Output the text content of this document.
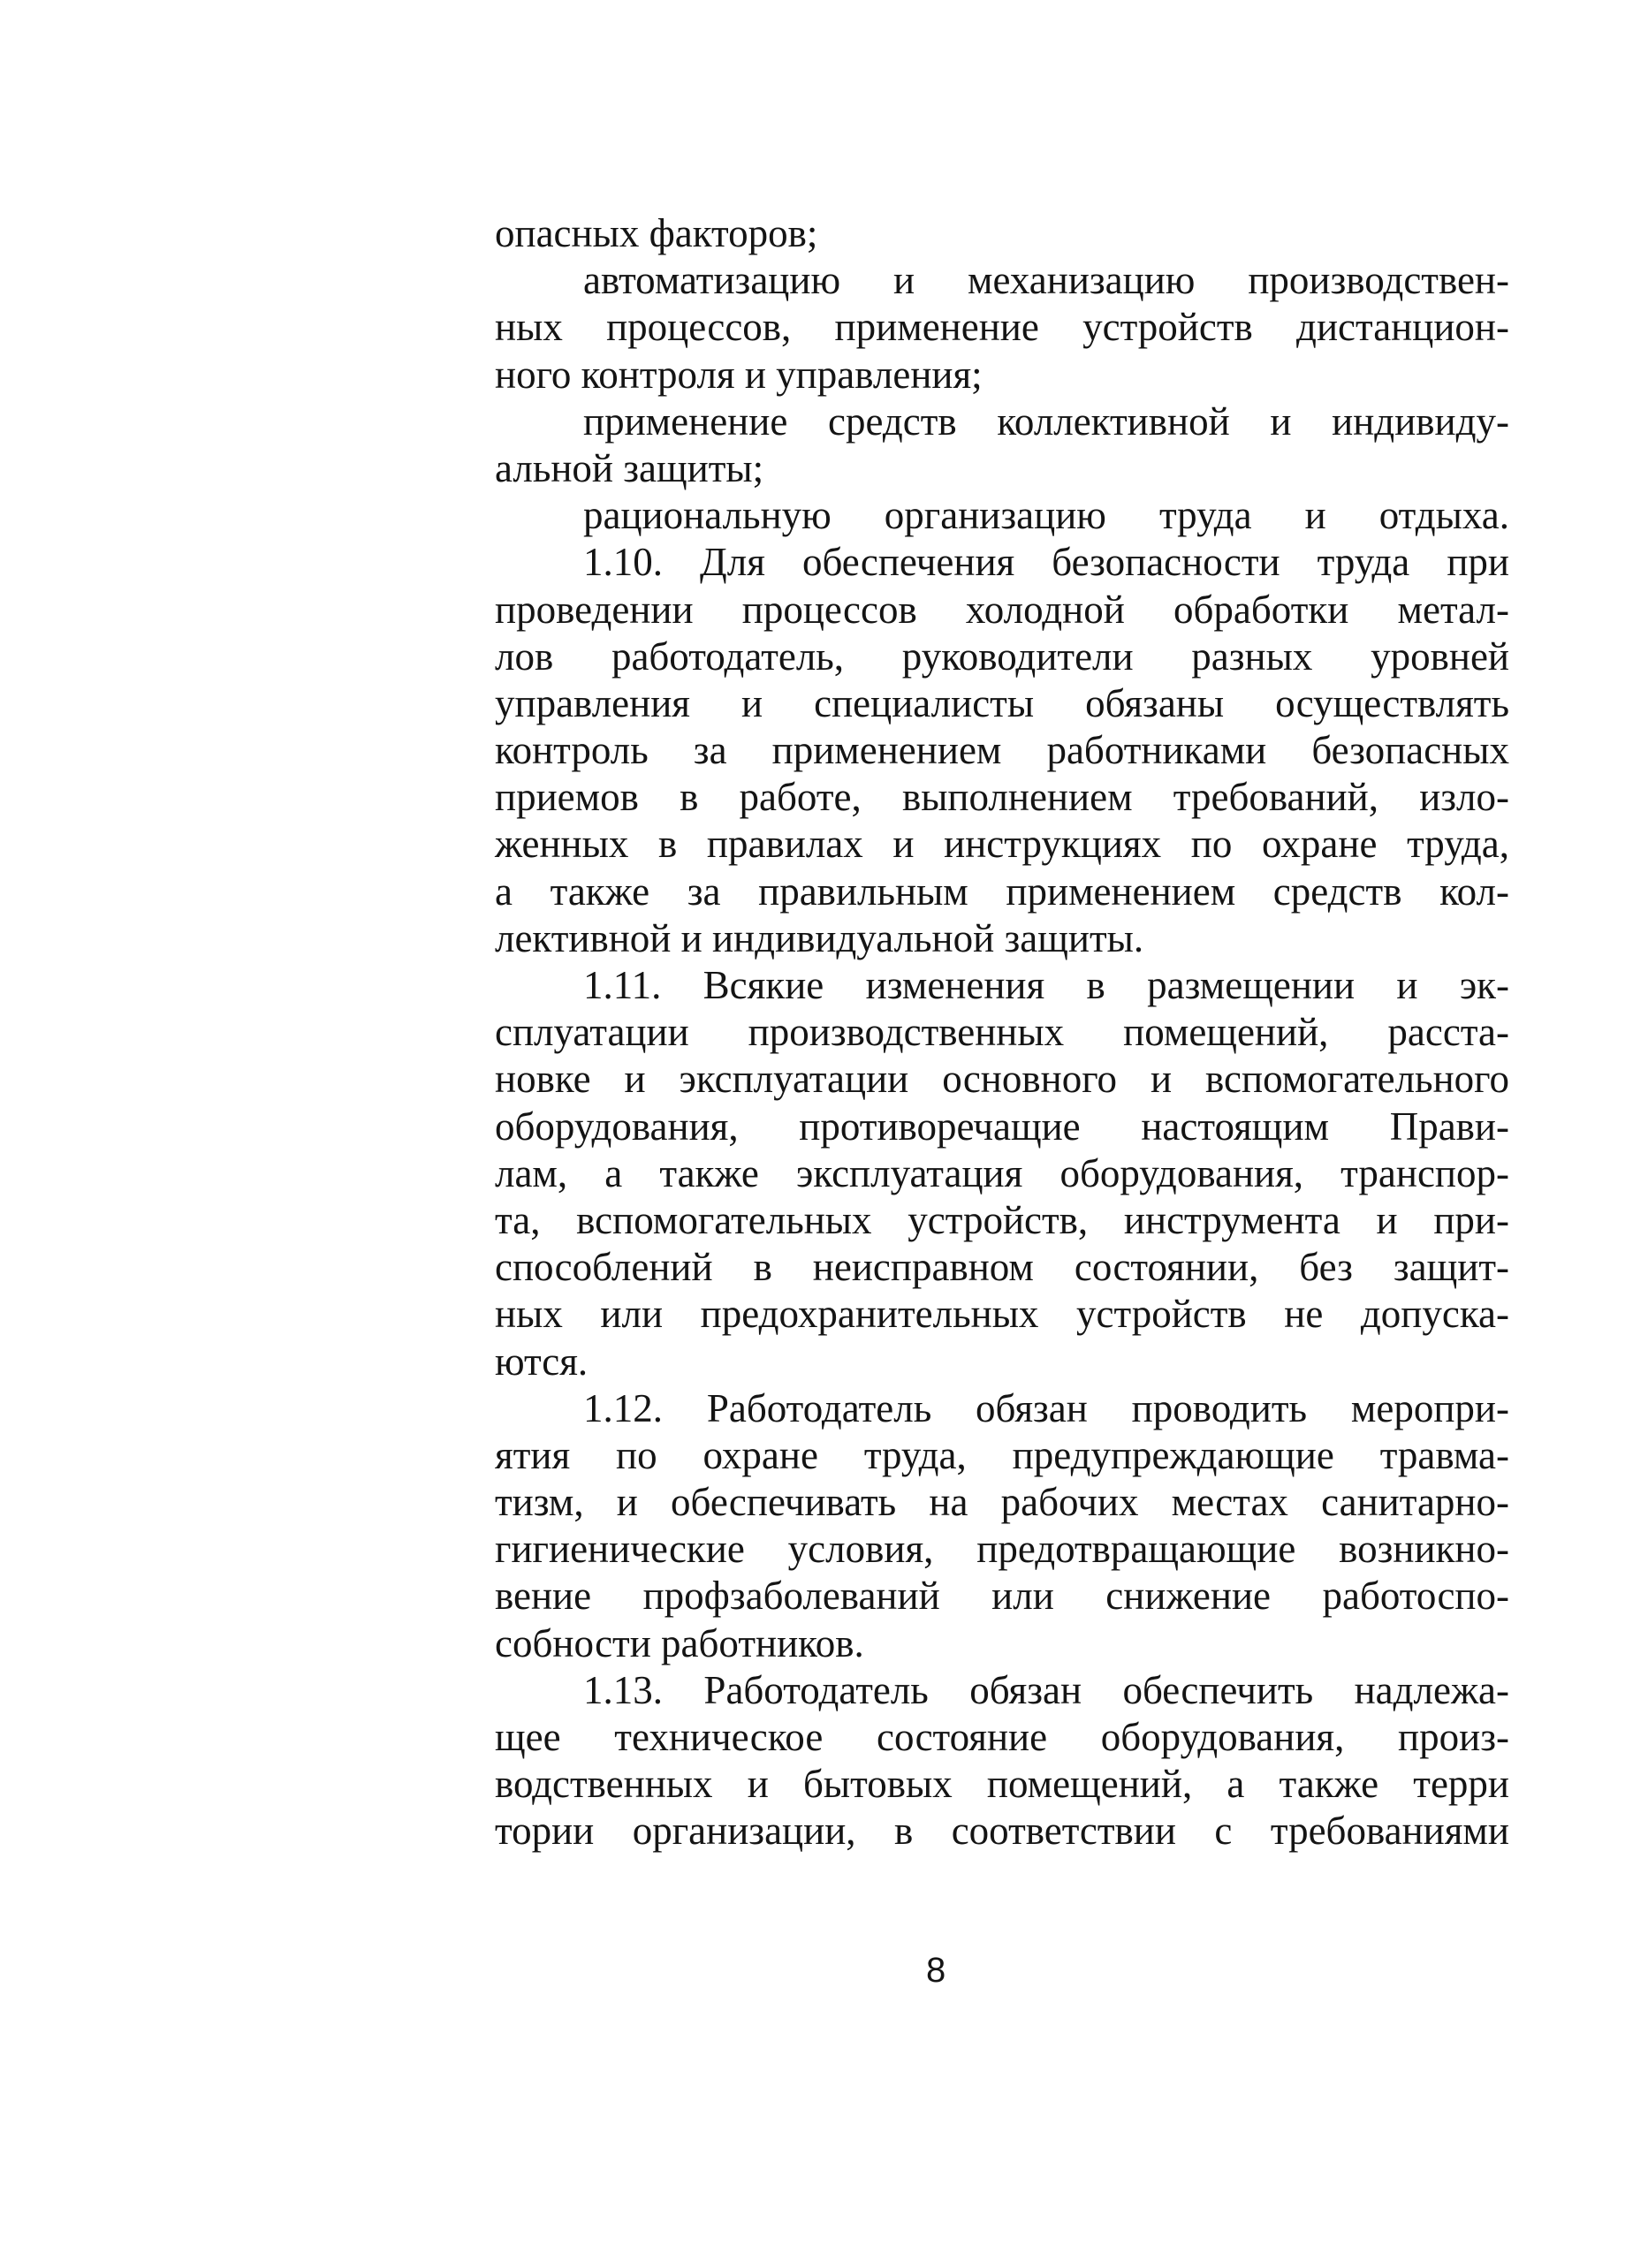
опасных факторов;
автоматизацию и механизацию производствен-
ных процессов, применение устройств дистанцион-
ного контроля и управления;
применение средств коллективной и индивиду-
альной защиты;
рациональную организацию труда и отдыха.
1.10. Для обеспечения безопасности труда при
проведении процессов холодной обработки метал-
лов работодатель, руководители разных уровней
управления и специалисты обязаны осуществлять
контроль за применением работниками безопасных
приемов в работе, выполнением требований, изло-
женных в правилах и инструкциях по охране труда,
а также за правильным применением средств кол-
лективной и индивидуальной защиты.
1.11. Всякие изменения в размещении и эк-
сплуатации производственных помещений, расста-
новке и эксплуатации основного и вспомогательного
оборудования, противоречащие настоящим Прави-
лам, а также эксплуатация оборудования, транспор-
та, вспомогательных устройств, инструмента и при-
способлений в неисправном состоянии, без защит-
ных или предохранительных устройств не допуска-
ются.
1.12. Работодатель обязан проводить меропри-
ятия по охране труда, предупреждающие травма-
тизм, и обеспечивать на рабочих местах санитарно-
гигиенические условия, предотвращающие возникно-
вение профзаболеваний или снижение работоспо-
собности работников.
1.13. Работодатель обязан обеспечить надлежа-
щее техническое состояние оборудования, произ-
водственных и бытовых помещений, а также терри
тории организации, в соответствии с требованиями
8
